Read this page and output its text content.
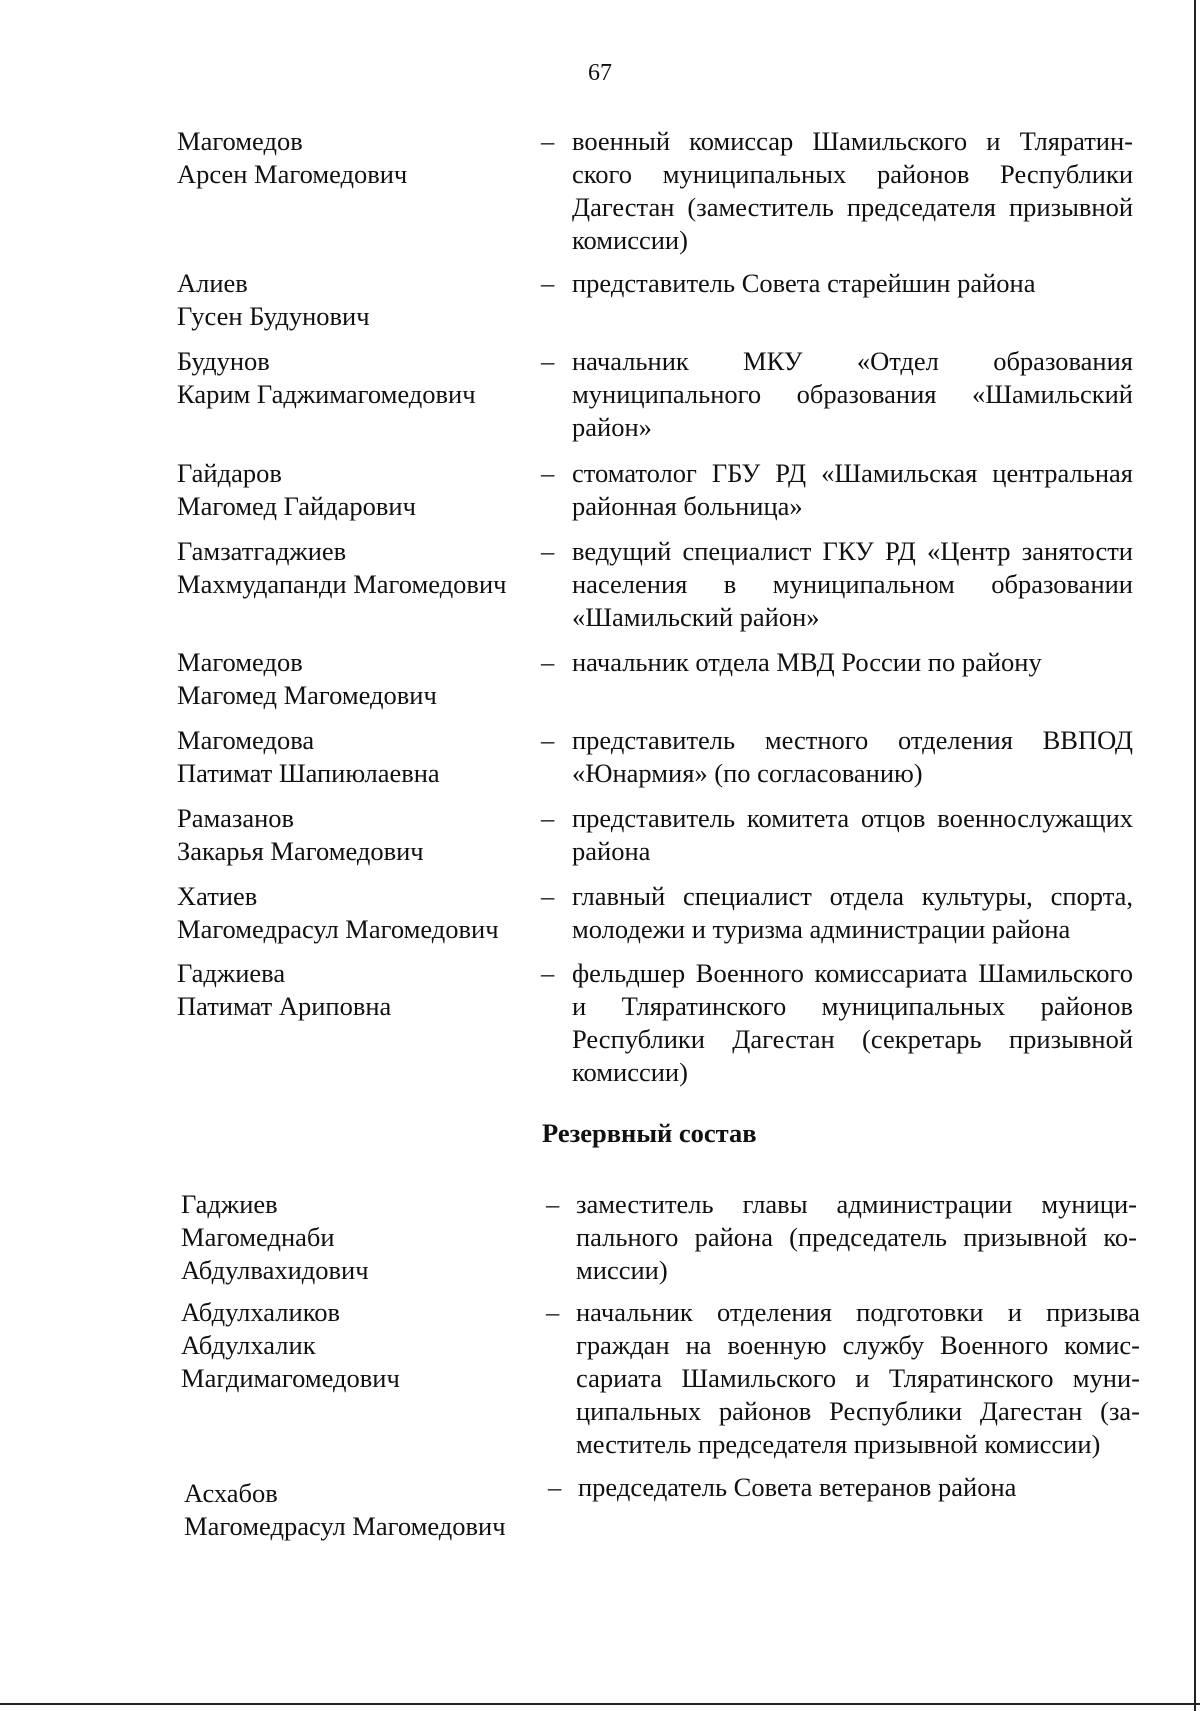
67
Магомедов
Арсен Магомедович
– военный комиссар Шамильского и Тляратинского муниципальных районов Республики Дагестан (заместитель председателя призывной комиссии)
Алиев
Гусен Будунович
– представитель Совета старейшин района
Будунов
Карим Гаджимагомедович
– начальник МКУ «Отдел образования муниципального образования «Шамильский район»
Гайдаров
Магомед Гайдарович
– стоматолог ГБУ РД «Шамильская центральная районная больница»
Гамзатгаджиев
Махмудапанди Магомедович
– ведущий специалист ГКУ РД «Центр занятости населения в муниципальном образовании «Шамильский район»
Магомедов
Магомед Магомедович
– начальник отдела МВД России по району
Магомедова
Патимат Шапиюлаевна
– представитель местного отделения ВВПОД «Юнармия» (по согласованию)
Рамазанов
Закарья Магомедович
– представитель комитета отцов военнослужащих района
Хатиев
Магомедрасул Магомедович
– главный специалист отдела культуры, спорта, молодежи и туризма администрации района
Гаджиева
Патимат Ариповна
– фельдшер Военного комиссариата Шамильского и Тляратинского муниципальных районов Республики Дагестан (секретарь призывной комиссии)
Резервный состав
Гаджиев
Магомеднаби
Абдулвахидович
– заместитель главы администрации муниципального района (председатель призывной комиссии)
Абдулхаликов
Абдулхалик
Магдимагомедович
– начальник отделения подготовки и призыва граждан на военную службу Военного комиссариата Шамильского и Тляратинского муниципальных районов Республики Дагестан (заместитель председателя призывной комиссии)
Асхабов
Магомедрасул Магомедович
– председатель Совета ветеранов района
